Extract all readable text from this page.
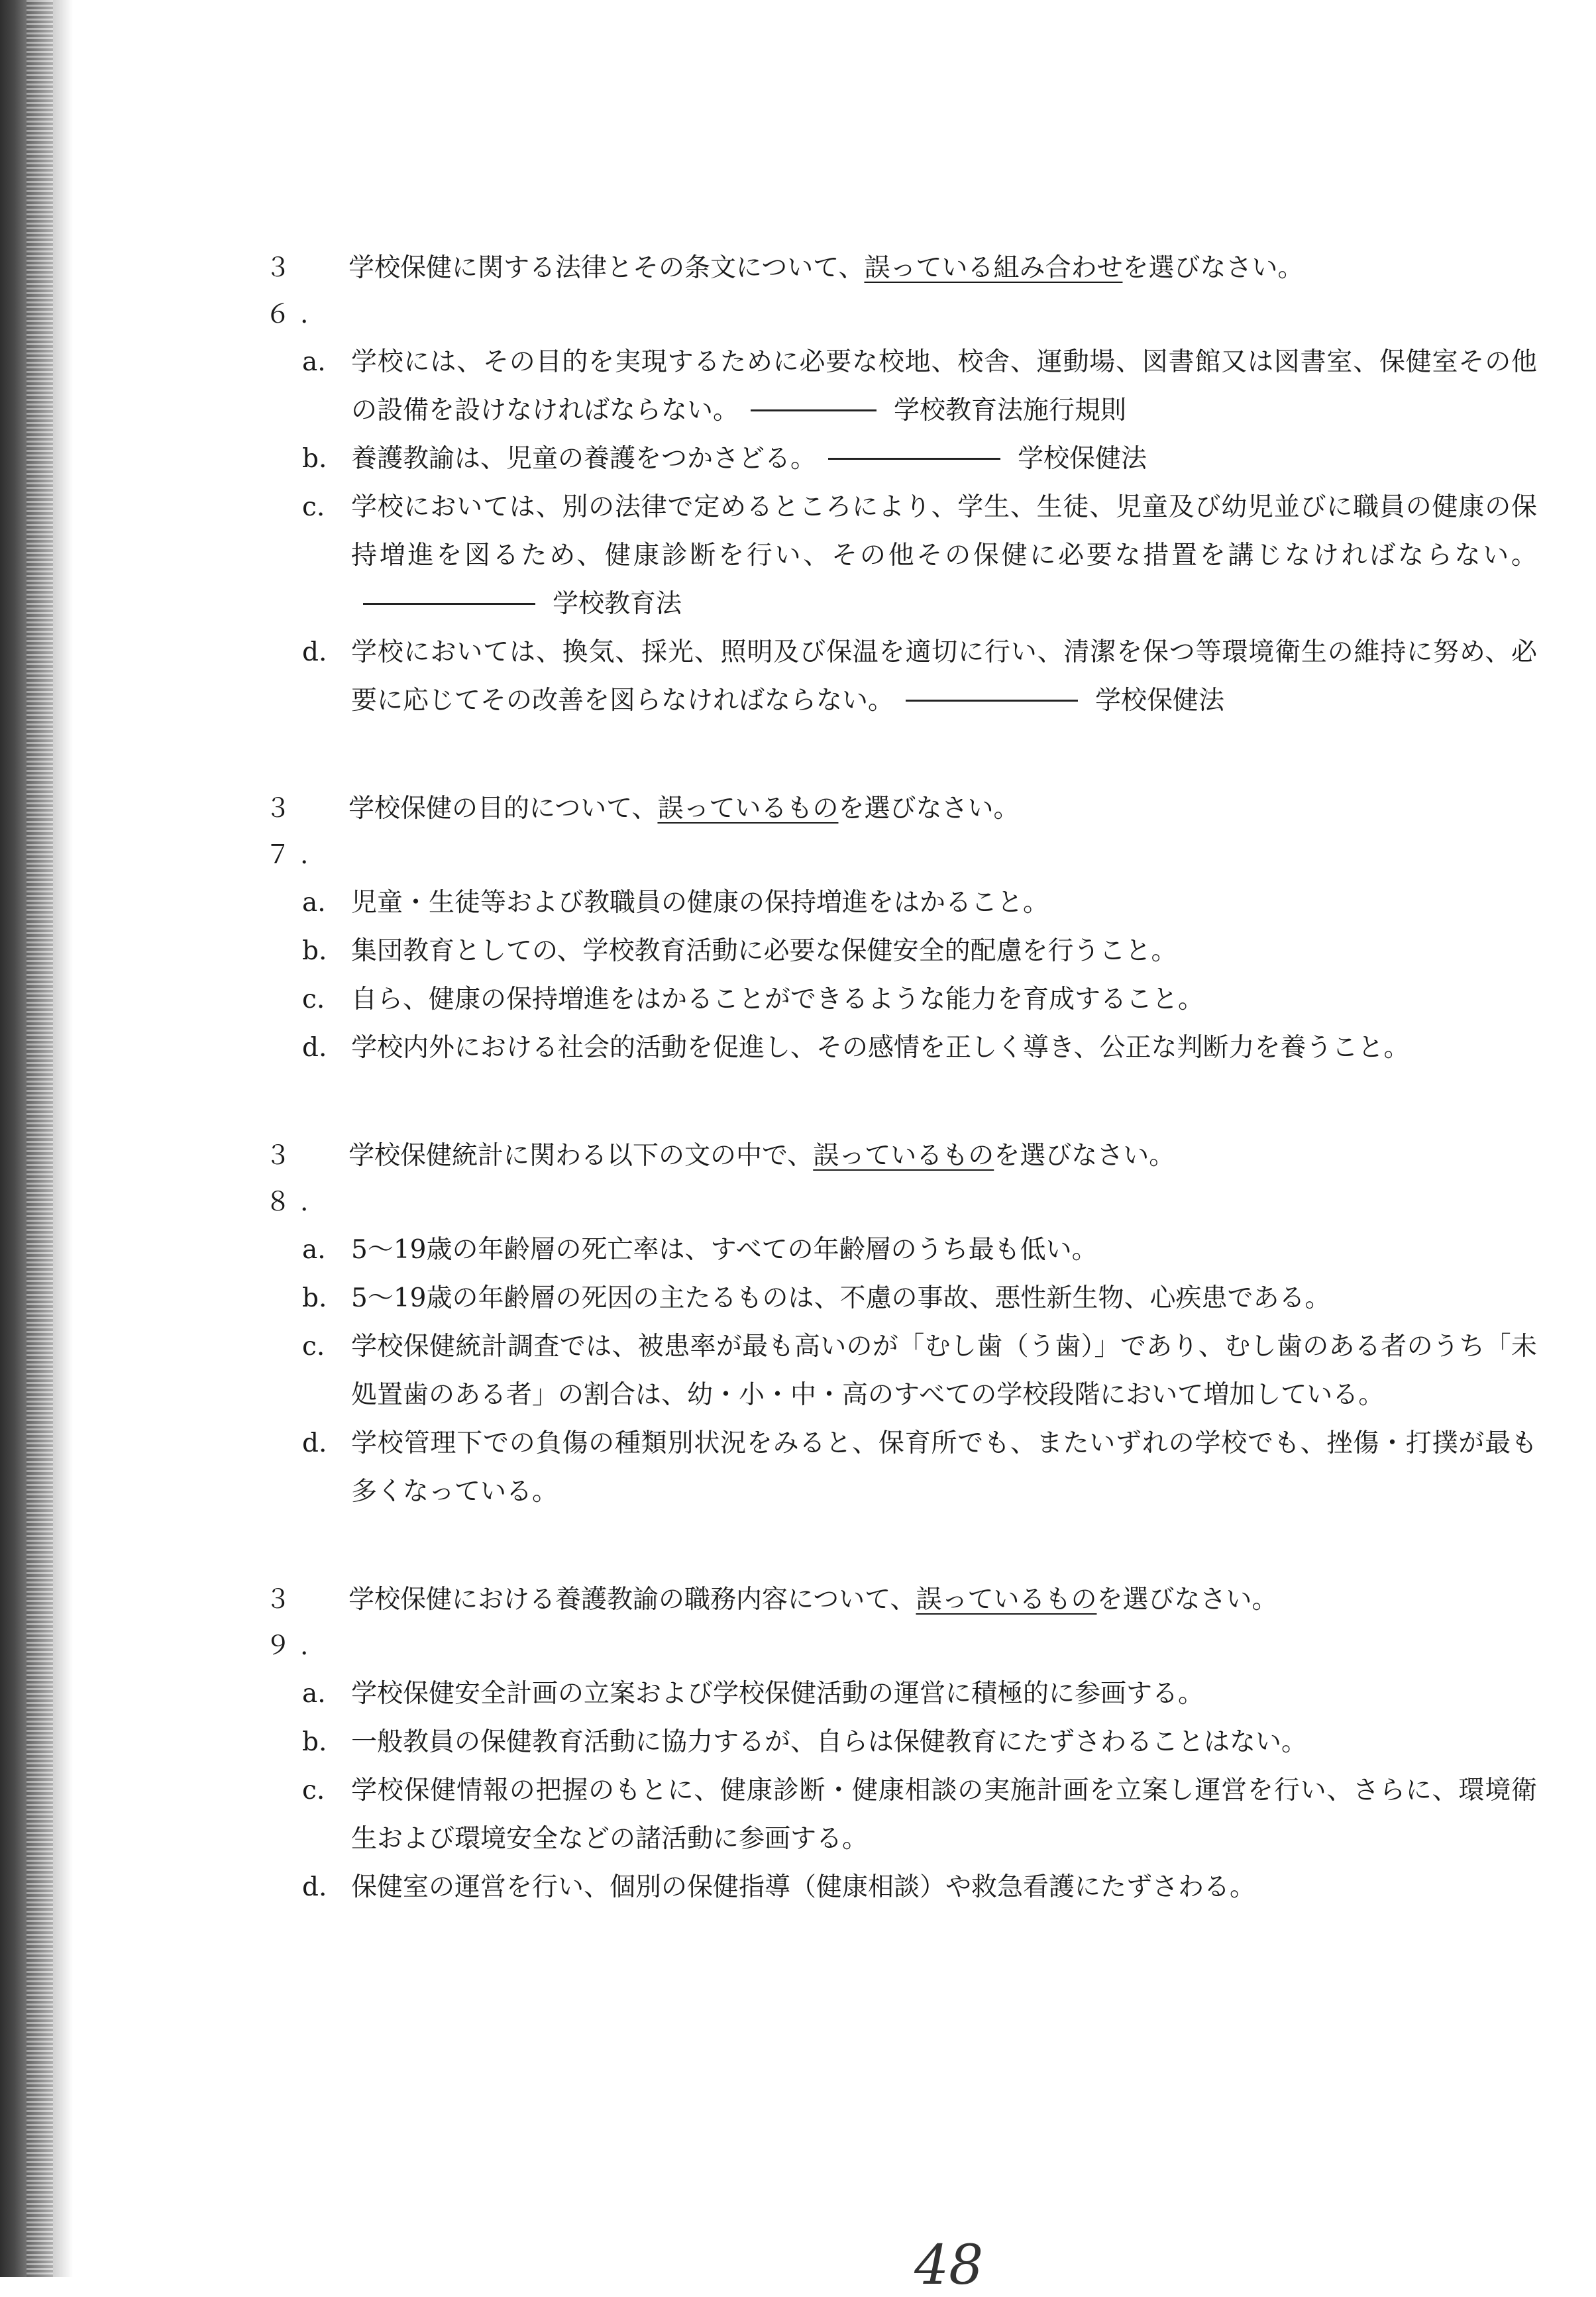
３６.
学校保健に関する法律とその条文について、誤っている組み合わせを選びなさい。
a. 学校には、その目的を実現するために必要な校地、校舎、運動場、図書館又は図書室、保健室その他の設備を設けなければならない。	学校教育法施行規則
b. 養護教諭は、児童の養護をつかさどる。	学校保健法
c.	学校においては、別の法律で定めるところにより、学生、生徒、児童及び幼児並びに職員の健康の保持増進を図るため、健康診断を行い、その他その保健に必要な措置を講じなければならない。学校教育法
d. 学校においては、換気、採光、照明及び保温を適切に行い、清潔を保つ等環境衛生の維持に努め、必要に応じてその改善を図らなければならない。	学校保健法
３７.
学校保健の目的について、誤っているものを選びなさい。
a. 児童・生徒等および教職員の健康の保持増進をはかること。
b. 集団教育としての、学校教育活動に必要な保健安全的配慮を行うこと。
c.	自ら、健康の保持増進をはかることができるような能力を育成すること。
d. 学校内外における社会的活動を促進し、その感情を正しく導き、公正な判断力を養うこと。
３８.
学校保健統計に関わる以下の文の中で、誤っているものを選びなさい。
a. 5～19歳の年齢層の死亡率は、すべての年齢層のうち最も低い。
b. 5～19歳の年齢層の死因の主たるものは、不慮の事故、悪性新生物、心疾患である。
c.	学校保健統計調査では、被患率が最も高いのが「むし歯（う歯）」であり、むし歯のある者のうち「未処置歯のある者」の割合は、幼・小・中・高のすべての学校段階において増加している。
d. 学校管理下での負傷の種類別状況をみると、保育所でも、またいずれの学校でも、挫傷・打撲が最も多くなっている。
３９.
学校保健における養護教諭の職務内容について、誤っているものを選びなさい。
a. 学校保健安全計画の立案および学校保健活動の運営に積極的に参画する。
b. 一般教員の保健教育活動に協力するが、自らは保健教育にたずさわることはない。
c.	学校保健情報の把握のもとに、健康診断・健康相談の実施計画を立案し運営を行い、さらに、環境衛生および環境安全などの諸活動に参画する。
d. 保健室の運営を行い、個別の保健指導（健康相談）や救急看護にたずさわる。
48
